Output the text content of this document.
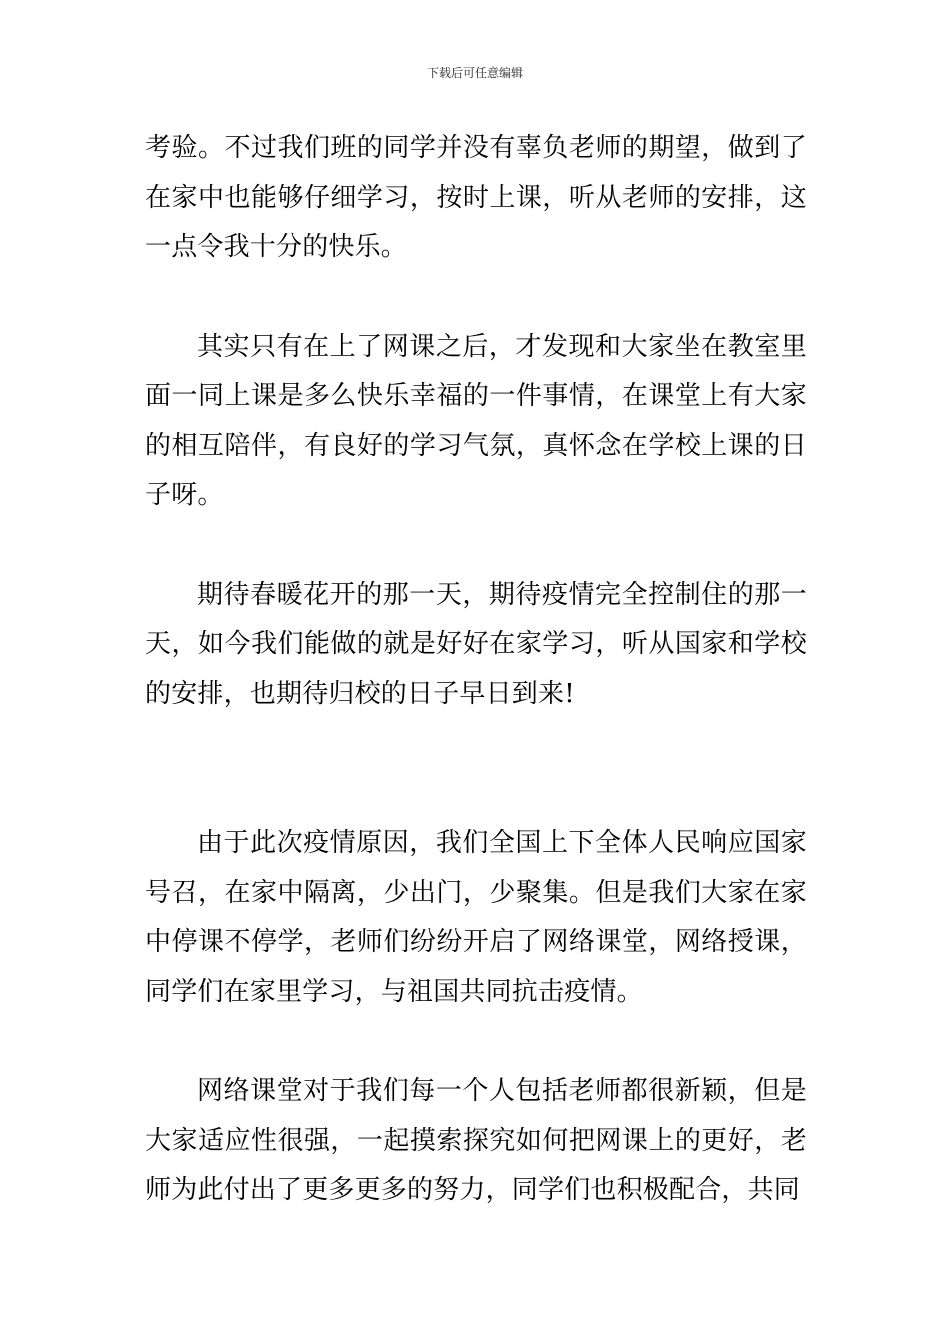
下载后可任意编辑

考验。不过我们班的同学并没有辜负老师的期望，做到了在家中也能够仔细学习，按时上课，听从老师的安排，这一点令我十分的快乐。

其实只有在上了网课之后，才发现和大家坐在教室里面一同上课是多么快乐幸福的一件事情，在课堂上有大家的相互陪伴，有良好的学习气氛，真怀念在学校上课的日子呀。

期待春暖花开的那一天，期待疫情完全控制住的那一天，如今我们能做的就是好好在家学习，听从国家和学校的安排，也期待归校的日子早日到来!

由于此次疫情原因，我们全国上下全体人民响应国家号召，在家中隔离，少出门，少聚集。但是我们大家在家中停课不停学，老师们纷纷开启了网络课堂，网络授课，同学们在家里学习，与祖国共同抗击疫情。

网络课堂对于我们每一个人包括老师都很新颖，但是大家适应性很强，一起摸索探究如何把网课上的更好，老师为此付出了更多更多的努力，同学们也积极配合，共同
